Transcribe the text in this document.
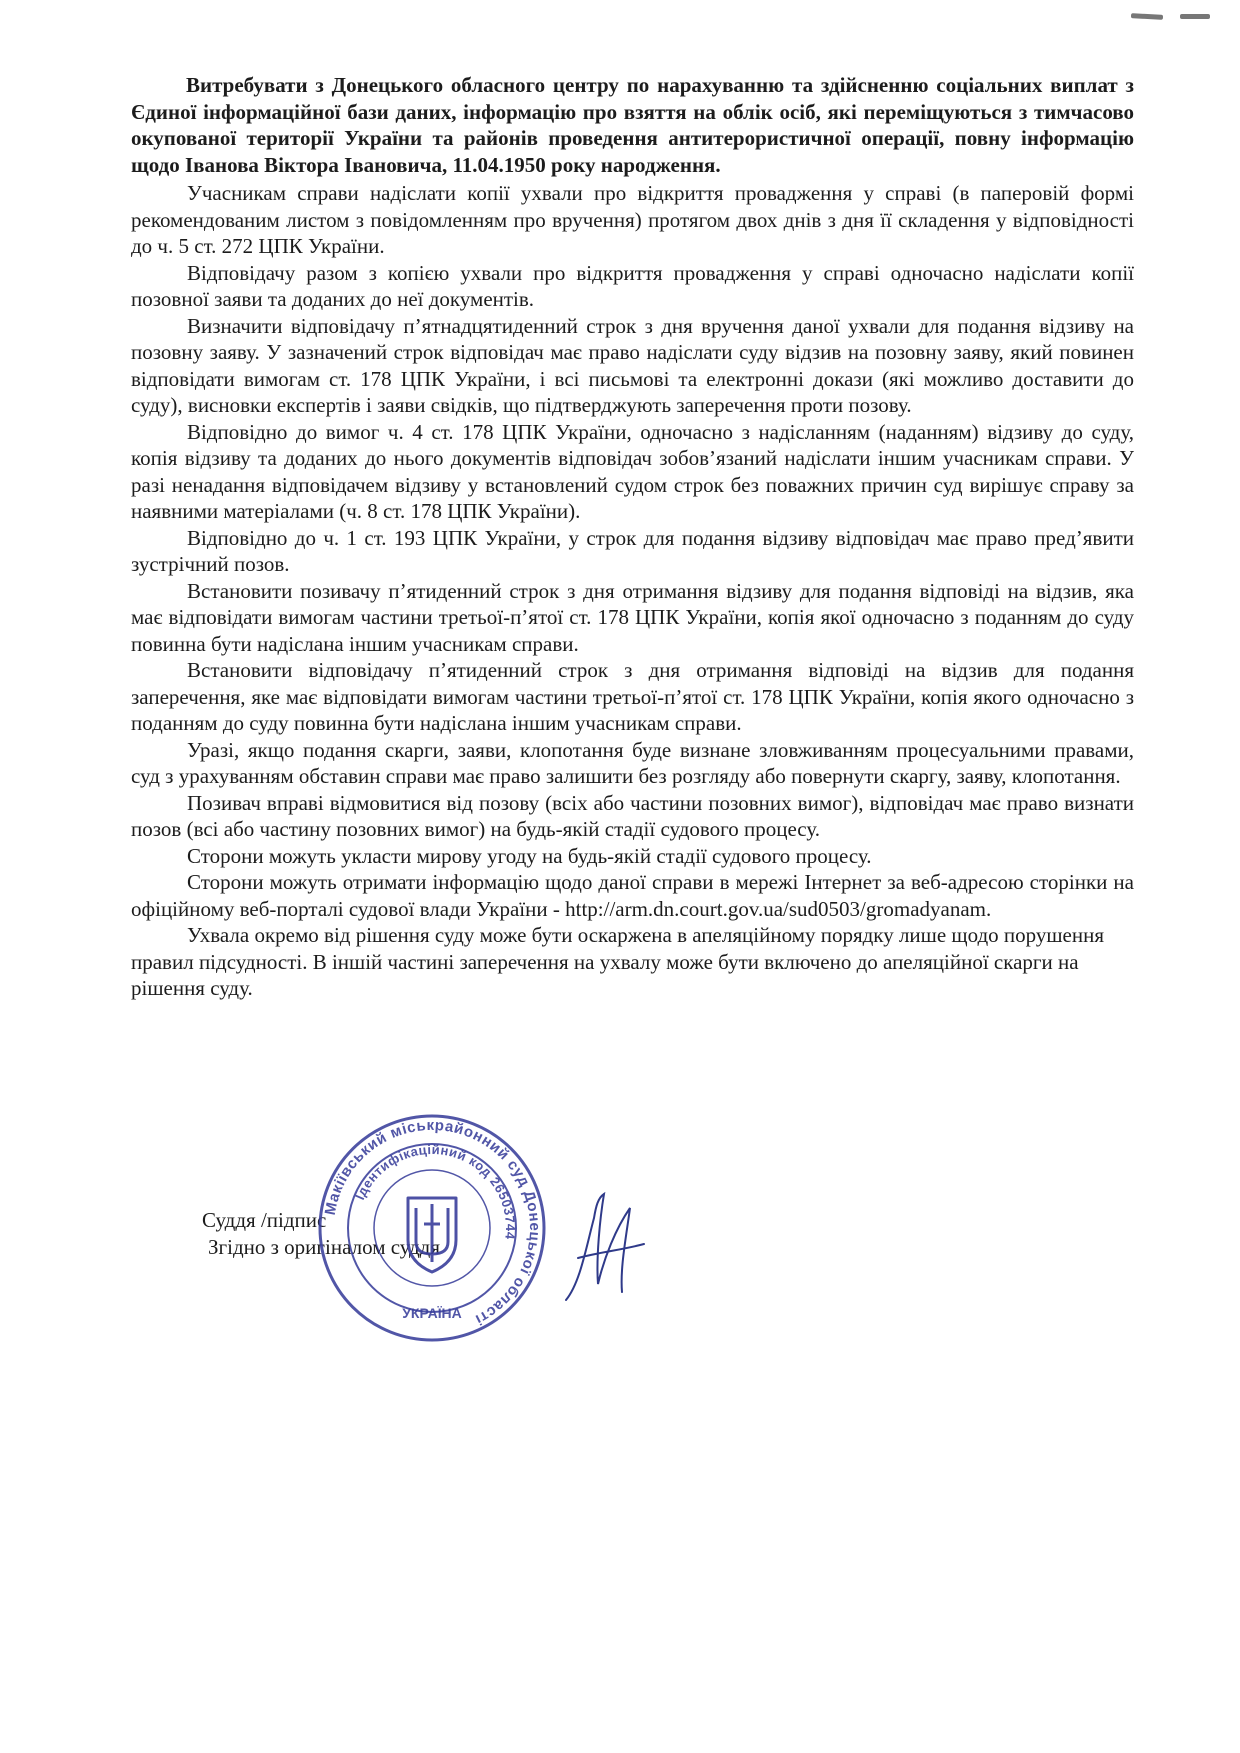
Витребувати з Донецького обласного центру по нарахуванню та здійсненню соціальних виплат з Єдиної інформаційної бази даних, інформацію про взяття на облік осіб, які переміщуються з тимчасово окупованої території України та районів проведення антитерористичної операції, повну інформацію щодо Іванова Віктора Івановича, 11.04.1950 року народження.

Учасникам справи надіслати копії ухвали про відкриття провадження у справі (в паперовій формі рекомендованим листом з повідомленням про вручення) протягом двох днів з дня її складення у відповідності до ч. 5 ст. 272 ЦПК України.

Відповідачу разом з копією ухвали про відкриття провадження у справі одночасно надіслати копії позовної заяви та доданих до неї документів.

Визначити відповідачу п’ятнадцятиденний строк з дня вручення даної ухвали для подання відзиву на позовну заяву. У зазначений строк відповідач має право надіслати суду відзив на позовну заяву, який повинен відповідати вимогам ст. 178 ЦПК України, і всі письмові та електронні докази (які можливо доставити до суду), висновки експертів і заяви свідків, що підтверджують заперечення проти позову.

Відповідно до вимог ч. 4 ст. 178 ЦПК України, одночасно з надісланням (наданням) відзиву до суду, копія відзиву та доданих до нього документів відповідач зобов’язаний надіслати іншим учасникам справи. У разі ненадання відповідачем відзиву у встановлений судом строк без поважних причин суд вирішує справу за наявними матеріалами (ч. 8 ст. 178 ЦПК України).

Відповідно до ч. 1 ст. 193 ЦПК України, у строк для подання відзиву відповідач має право пред’явити зустрічний позов.

Встановити позивачу п’ятиденний строк з дня отримання відзиву для подання відповіді на відзив, яка має відповідати вимогам частини третьої-п’ятої ст. 178 ЦПК України, копія якої одночасно з поданням до суду повинна бути надіслана іншим учасникам справи.

Встановити відповідачу п’ятиденний строк з дня отримання відповіді на відзив для подання заперечення, яке має відповідати вимогам частини третьої-п’ятої ст. 178 ЦПК України, копія якого одночасно з поданням до суду повинна бути надіслана іншим учасникам справи.

Уразі, якщо подання скарги, заяви, клопотання буде визнане зловживанням процесуальними правами, суд з урахуванням обставин справи має право залишити без розгляду або повернути скаргу, заяву, клопотання.

Позивач вправі відмовитися від позову (всіх або частини позовних вимог), відповідач має право визнати позов (всі або частину позовних вимог) на будь-якій стадії судового процесу.

Сторони можуть укласти мирову угоду на будь-якій стадії судового процесу.

Сторони можуть отримати інформацію щодо даної справи в мережі Інтернет за веб-адресою сторінки на офіційному веб-порталі судової влади України - http://arm.dn.court.gov.ua/sud0503/gromadyanam.

Ухвала окремо від рішення суду може бути оскаржена в апеляційному порядку лише щодо порушення правил підсудності. В іншій частині заперечення на ухвалу може бути включено до апеляційної скарги на рішення суду.

Суддя /підпис
Згідно з оригіналом суддя
Макіївський міськрайонний суд Донецької області
Ідентифікаційний код 26503744
УКРАЇНА
